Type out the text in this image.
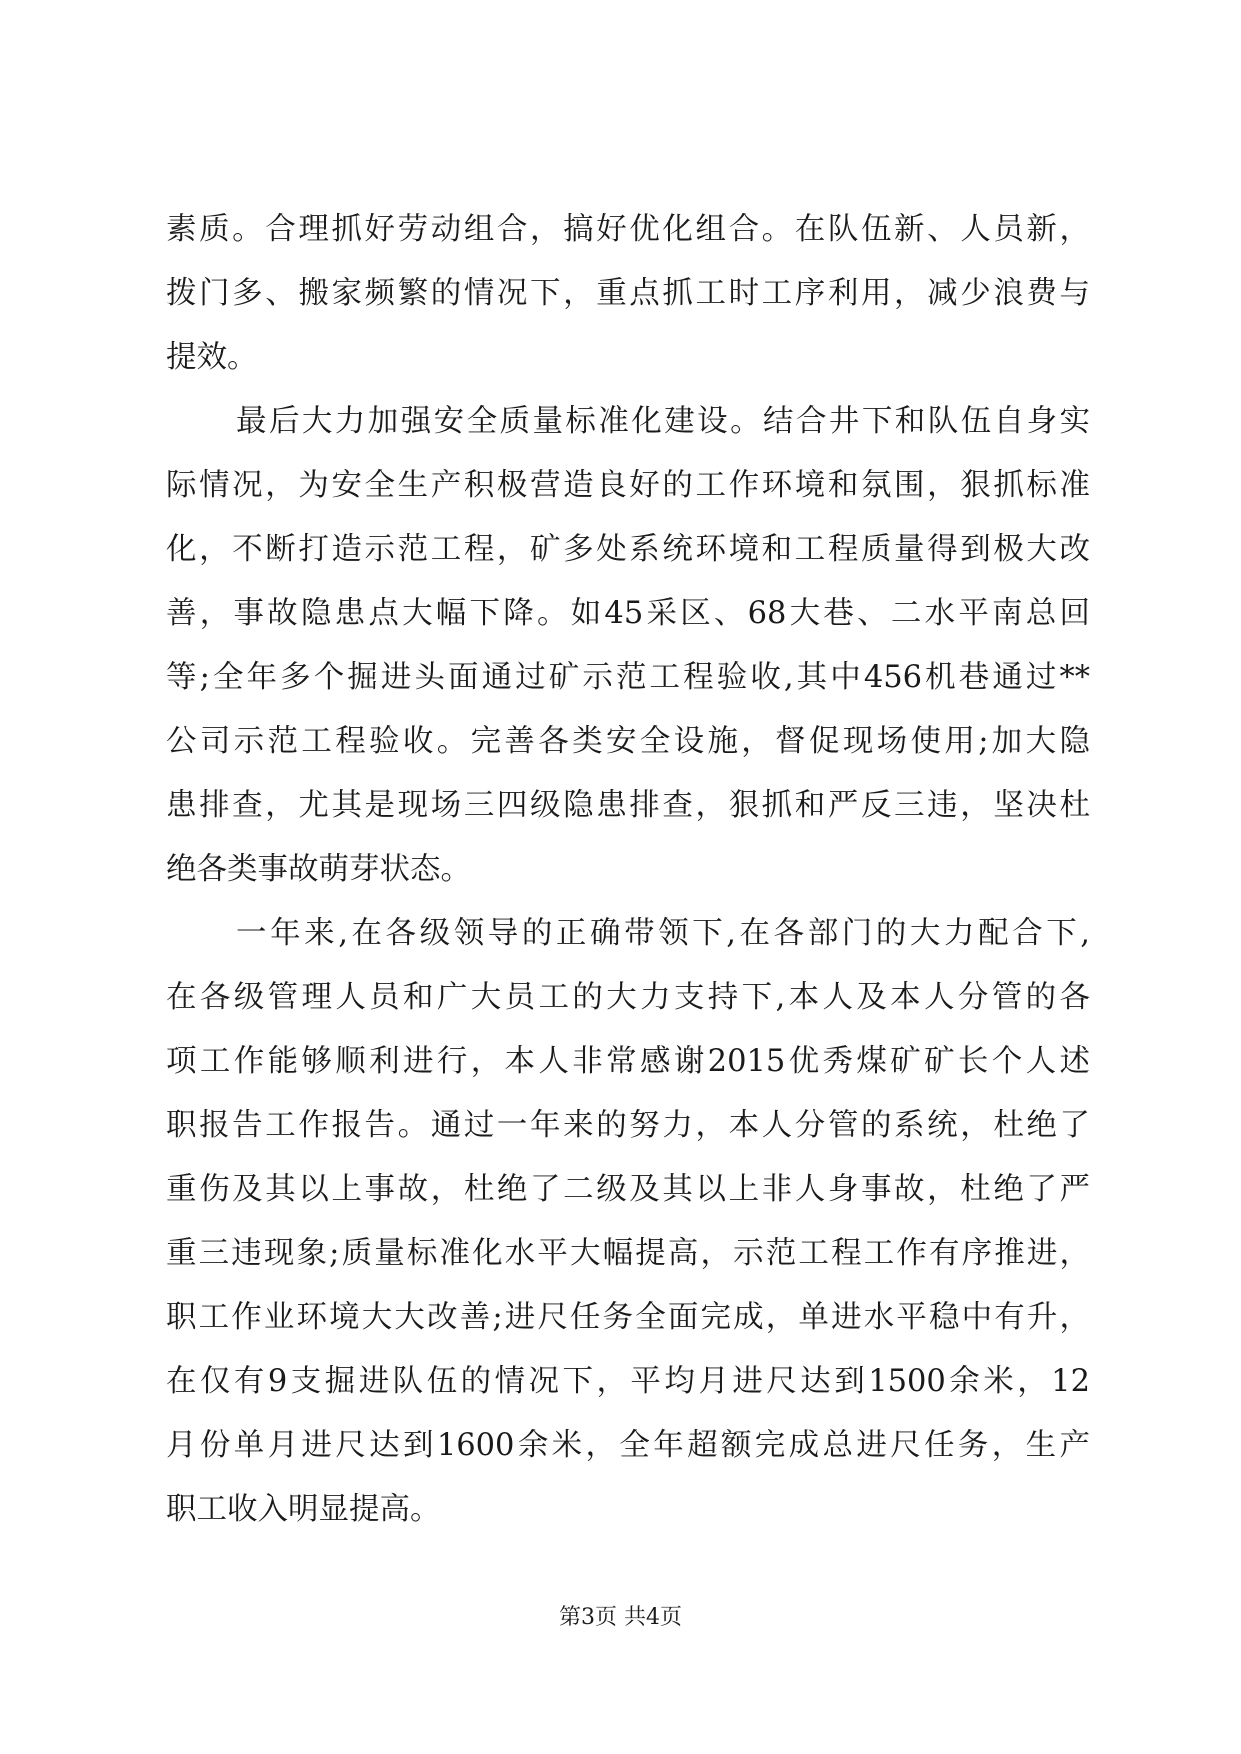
素质。合理抓好劳动组合，搞好优化组合。在队伍新、人员新，
拨门多、搬家频繁的情况下，重点抓工时工序利用，减少浪费与
提效。
最后大力加强安全质量标准化建设。结合井下和队伍自身实
际情况，为安全生产积极营造良好的工作环境和氛围，狠抓标准
化，不断打造示范工程，矿多处系统环境和工程质量得到极大改
善，事故隐患点大幅下降。如45采区、68大巷、二水平南总回
等;全年多个掘进头面通过矿示范工程验收,其中456机巷通过**
公司示范工程验收。完善各类安全设施，督促现场使用;加大隐
患排查，尤其是现场三四级隐患排查，狠抓和严反三违，坚决杜
绝各类事故萌芽状态。
一年来,在各级领导的正确带领下,在各部门的大力配合下,
在各级管理人员和广大员工的大力支持下,本人及本人分管的各
项工作能够顺利进行，本人非常感谢2015优秀煤矿矿长个人述
职报告工作报告。通过一年来的努力，本人分管的系统，杜绝了
重伤及其以上事故，杜绝了二级及其以上非人身事故，杜绝了严
重三违现象;质量标准化水平大幅提高，示范工程工作有序推进，
职工作业环境大大改善;进尺任务全面完成，单进水平稳中有升，
在仅有9支掘进队伍的情况下，平均月进尺达到1500余米，12
月份单月进尺达到1600余米，全年超额完成总进尺任务，生产
职工收入明显提高。
第3页 共4页
